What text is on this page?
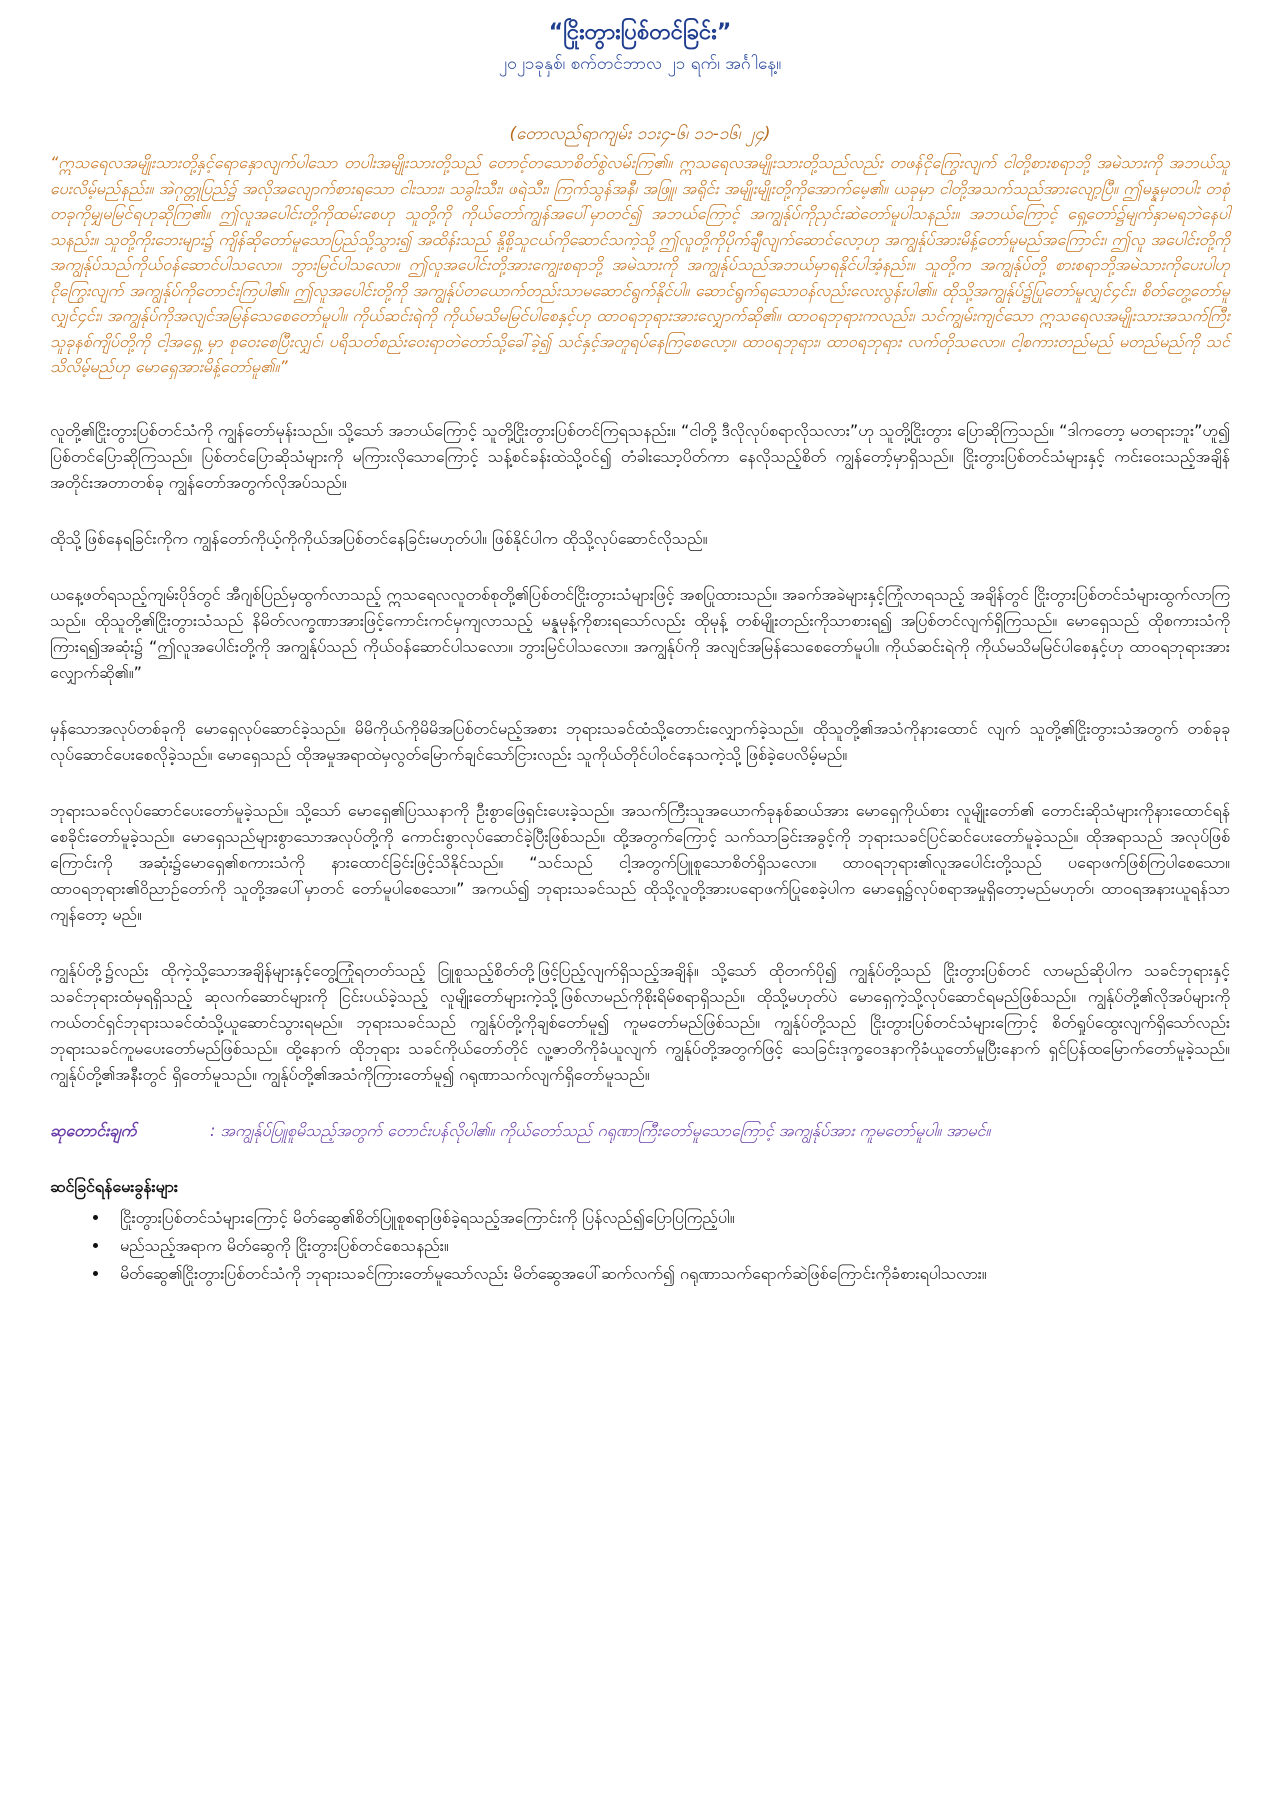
“ငြိုးတွားပြစ်တင်ခြင်း”

၂၀၂၁ခုနှစ်၊ စက်တင်ဘာလ ၂၁ ရက်၊ အင်္ဂါနေ့။

(တောလည်ရာကျမ်း ၁၁း၄-၆၊ ၁၁-၁၆၊ ၂၄)

“ဣသရေလအမျိုးသားတို့နှင့်ရောနှောလျက်ပါသော တပါးအမျိုးသားတို့သည် တောင့်တသောစိတ်စွဲလမ်းကြ၏။ ဣသရေလအမျိုးသားတို့သည်လည်း တဖန်ငိုကြွေးလျက် ငါတို့စားစရာဘို့ အမဲသားကို အဘယ်သူပေးလိမ့်မည်နည်း။ အဲဂုတ္တုပြည်၌ အလိုအလျောက်စားရသော ငါးသား၊ သခွါးသီး၊ ဖရဲသီး၊ ကြက်သွန်အနီ၊ အဖြူ၊ အရိုင်း အမျိုးမျိုးတို့ကိုအောက်မေ့၏။ ယခုမှာ ငါတို့အသက်သည်အားလျော့ပြီ။ ဤမန္နမှတပါး တစုံတခုကိုမျှမမြင်ရဟုဆိုကြ၏။ ဤလူအပေါင်းတို့ကိုထမ်းစေဟု သူတို့ကို ကိုယ်တော်ကျွန်အပေါ်မှာတင်၍ အဘယ်ကြောင့် အကျွန်ုပ်ကိုညှင်းဆဲတော်မူပါသနည်း။ အဘယ်ကြောင့် ရှေ့တော်၌မျက်နှာမရဘဲနေပါသနည်း။ သူတို့ကိုးဘေးများ၌ ကျိန်ဆိုတော်မူသောပြည်သို့သွား၍ အထိန်းသည် နို့စို့သူငယ်ကိုဆောင်သကဲ့သို့ ဤလူတို့ကိုပိုက်ချီလျက်ဆောင်လော့ဟု အကျွန်ုပ်အားမိန့်တော်မူမည်အကြောင်း၊ ဤလူ အပေါင်းတို့ကို အကျွန်ုပ်သည်ကိုယ်ဝန်ဆောင်ပါသလော။ ဘွားမြင်ပါသလော။ ဤလူအပေါင်းတို့အားကျွေးစရာဘို့ အမဲသားကို အကျွန်ုပ်သည်အဘယ်မှာရနိုင်ပါအံ့နည်း။ သူတို့က အကျွန်ုပ်တို့ စားစရာဘို့အမဲသားကိုပေးပါဟုငိုကြွေးလျက် အကျွန်ုပ်ကိုတောင်းကြပါ၏။ ဤလူအပေါင်းတို့ကို အကျွန်ုပ်တယောက်တည်းသာမဆောင်ရွက်နိုင်ပါ။ ဆောင်ရွက်ရသောဝန်လည်းလေးလွန်းပါ၏။ ထိုသို့အကျွန်ုပ်၌ပြုတော်မူလျှင်၄င်း၊ စိတ်တွေ့တော်မူလျှင်၄င်း၊ အကျွန်ုပ်ကိုအလျင်အမြန်သေစေတော်မူပါ။ ကိုယ်ဆင်းရဲကို ကိုယ်မသိမမြင်ပါစေနှင့်ဟု ထာဝရဘုရားအားလျှောက်ဆို၏။ ထာဝရဘုရားကလည်း၊ သင်ကျွမ်းကျင်သော ဣသရေလအမျိုးသားအသက်ကြီးသူခုနစ်ကျိပ်တို့ကို ငါ့အရှေ့ မှာ စုဝေးစေပြီးလျှင်၊ ပရိသတ်စည်းဝေးရာတဲတော်သို့ခေါ်ခဲ့၍ သင်နှင့်အတူရပ်နေကြစေလော့။ ထာဝရဘုရား၊ ထာဝရဘုရား လက်တိုသလော။ ငါ့စကားတည်မည် မတည်မည်ကို သင်သိလိမ့်မည်ဟု မောရှေအားမိန့်တော်မူ၏။”

လူတို့၏ငြိုးတွားပြစ်တင်သံကို ကျွန်တော်မုန်းသည်။ သို့သော် အဘယ်ကြောင့် သူတို့ငြိုးတွားပြစ်တင်ကြရသနည်း။ “ငါတို့ ဒီလိုလုပ်စရာလိုသလား”ဟု သူတို့ငြိုးတွား ပြောဆိုကြသည်။ “ဒါကတော့ မတရားဘူး”ဟူ၍ ပြစ်တင်ပြောဆိုကြသည်။ ပြစ်တင်ပြောဆိုသံများကို မကြားလိုသောကြောင့် သန့်စင်ခန်းထဲသို့ဝင်၍ တံခါးသော့ပိတ်ကာ နေလိုသည့်စိတ် ကျွန်တော့်မှာရှိသည်။ ငြိုးတွားပြစ်တင်သံများနှင့် ကင်းဝေးသည့်အချိန်အတိုင်းအတာတစ်ခု ကျွန်တော်အတွက်လိုအပ်သည်။

ထိုသို့ဖြစ်နေရခြင်းကိုက ကျွန်တော်ကိုယ့်ကိုကိုယ်အပြစ်တင်နေခြင်းမဟုတ်ပါ။ ဖြစ်နိုင်ပါက ထိုသို့လုပ်ဆောင်လိုသည်။

ယနေ့ဖတ်ရသည့်ကျမ်းပိုဒ်တွင် အီဂျစ်ပြည်မှထွက်လာသည့် ဣသရေလလူတစ်စုတို့၏ပြစ်တင်ငြိုးတွားသံများဖြင့် အစပြုထားသည်။ အခက်အခဲများနှင့်ကြုံလာရသည့် အချိန်တွင် ငြိုးတွားပြစ်တင်သံများထွက်လာကြသည်။ ထိုသူတို့၏ငြိုးတွားသံသည် နိမိတ်လက္ခဏာအားဖြင့်ကောင်းကင်မှကျလာသည့် မန္နမုန့်ကိုစားရသော်လည်း ထိုမုန့် တစ်မျိုးတည်းကိုသာစားရ၍ အပြစ်တင်လျက်ရှိကြသည်။ မောရှေသည် ထိုစကားသံကိုကြားရ၍အဆုံး၌ “ဤလူအပေါင်းတို့ကို အကျွန်ုပ်သည် ကိုယ်ဝန်ဆောင်ပါသလော။ ဘွားမြင်ပါသလော။ အကျွန်ုပ်ကို အလျင်အမြန်သေစေတော်မူပါ။ ကိုယ်ဆင်းရဲကို ကိုယ်မသိမမြင်ပါစေနှင့်ဟု ထာဝရဘုရားအားလျှောက်ဆို၏။”

မှန်သောအလုပ်တစ်ခုကို မောရှေလုပ်ဆောင်ခဲ့သည်။ မိမိကိုယ်ကိုမိမိအပြစ်တင်မည့်အစား ဘုရားသခင်ထံသို့တောင်းလျှောက်ခဲ့သည်။ ထိုသူတို့၏အသံကိုနားထောင် လျက် သူတို့၏ငြိုးတွားသံအတွက် တစ်ခုခုလုပ်ဆောင်ပေးစေလိုခဲ့သည်။ မောရှေသည် ထိုအမှုအရာထဲမှလွတ်မြောက်ချင်သော်ငြားလည်း သူကိုယ်တိုင်ပါဝင်နေသကဲ့သို့ ဖြစ်ခဲ့ပေလိမ့်မည်။

ဘုရားသခင်လုပ်ဆောင်ပေးတော်မူခဲ့သည်။ သို့သော် မောရှေ၏ပြဿနာကို ဦးစွာဖြေရှင်းပေးခဲ့သည်။ အသက်ကြီးသူအယောက်ခုနစ်ဆယ်အား မောရှေကိုယ်စား လူမျိုးတော်၏ တောင်းဆိုသံများကိုနားထောင်ရန် စေခိုင်းတော်မူခဲ့သည်။ မောရှေသည်များစွာသောအလုပ်တို့ကို ကောင်းစွာလုပ်ဆောင်ခဲ့ပြီးဖြစ်သည်။ ထို့အတွက်ကြောင့် သက်သာခြင်းအခွင့်ကို ဘုရားသခင်ပြင်ဆင်ပေးတော်မူခဲ့သည်။ ထိုအရာသည် အလုပ်ဖြစ်ကြောင်းကို အဆုံး၌မောရှေ၏စကားသံကို နားထောင်ခြင်းဖြင့်သိနိုင်သည်။ “သင်သည် ငါ့အတွက်ပြူစူသောစိတ်ရှိသလော။ ထာဝရဘုရား၏လူအပေါင်းတို့သည် ပရောဖက်ဖြစ်ကြပါစေသော။ ထာဝရဘုရား၏ဝိညာဉ်တော်ကို သူတို့အပေါ်မှာတင် တော်မူပါစေသော။” အကယ်၍ ဘုရားသခင်သည် ထိုသို့လူတို့အားပရောဖက်ပြုစေခဲ့ပါက မောရှေ၌လုပ်စရာအမှုရှိတော့မည်မဟုတ်၊ ထာဝရအနားယူရန်သာကျန်တော့ မည်။

ကျွန်ုပ်တို့၌လည်း ထိုကဲ့သို့သောအချိန်များနှင့်တွေ့ကြုံရတတ်သည့် ငြူစူသည့်စိတ်တို့ဖြင့်ပြည့်လျက်ရှိသည့်အချိန်။ သို့သော် ထိုတက်ပို၍ ကျွန်ုပ်တို့သည် ငြိုးတွားပြစ်တင် လာမည်ဆိုပါက သခင်ဘုရားနှင့် သခင်ဘုရားထံမှရရှိသည့် ဆုလက်ဆောင်များကို ငြင်းပယ်ခဲ့သည့် လူမျိုးတော်များကဲ့သို့ဖြစ်လာမည်ကိုစိုးရိမ်စရာရှိသည်။ ထိုသို့မဟုတ်ပဲ မောရှေကဲ့သို့လုပ်ဆောင်ရမည်ဖြစ်သည်။ ကျွန်ုပ်တို့၏လိုအပ်များကို ကယ်တင်ရှင်ဘုရားသခင်ထံသို့ယူဆောင်သွားရမည်။ ဘုရားသခင်သည် ကျွန်ုပ်တို့ကိုချစ်တော်မူ၍ ကူမတော်မည်ဖြစ်သည်။ ကျွန်ုပ်တို့သည် ငြိုးတွားပြစ်တင်သံများကြောင့် စိတ်ရှုပ်ထွေးလျက်ရှိသော်လည်း ဘုရားသခင်ကူမပေးတော်မည်ဖြစ်သည်။ ထို့နောက် ထိုဘုရား သခင်ကိုယ်တော်တိုင် လူ့ဇာတိကိုခံယူလျက် ကျွန်ုပ်တို့အတွက်ဖြင့် သေခြင်းဒုက္ခဝေဒနာကိုခံယူတော်မူပြီးနောက် ရှင်ပြန်ထမြောက်တော်မူခဲ့သည်။ ကျွန်ုပ်တို့၏အနီးတွင် ရှိတော်မူသည်။ ကျွန်ုပ်တို့၏အသံကိုကြားတော်မူ၍ ဂရုဏာသက်လျက်ရှိတော်မူသည်။

ဆုတောင်းချက်	: အကျွန်ုပ်ပြူစူမိသည့်အတွက် တောင်းပန်လိုပါ၏။ ကိုယ်တော်သည် ဂရုဏာကြီးတော်မူသောကြောင့် အကျွန်ုပ်အား ကူမတော်မူပါ။ အာမင်။
ဆင်ခြင်ရန်မေးခွန်းများ
• ငြိုးတွားပြစ်တင်သံများကြောင့် မိတ်ဆွေ၏စိတ်ပြူစူစရာဖြစ်ခဲ့ရသည့်အကြောင်းကို ပြန်လည်၍ပြောပြကြည့်ပါ။
• မည်သည့်အရာက မိတ်ဆွေကို ငြိုးတွားပြစ်တင်စေသနည်း။
• မိတ်ဆွေ၏ငြိုးတွားပြစ်တင်သံကို ဘုရားသခင်ကြားတော်မူသော်လည်း မိတ်ဆွေအပေါ်ဆက်လက်၍ ဂရုဏာသက်ရောက်ဆဲဖြစ်ကြောင်းကိုခံစားရပါသလား။
